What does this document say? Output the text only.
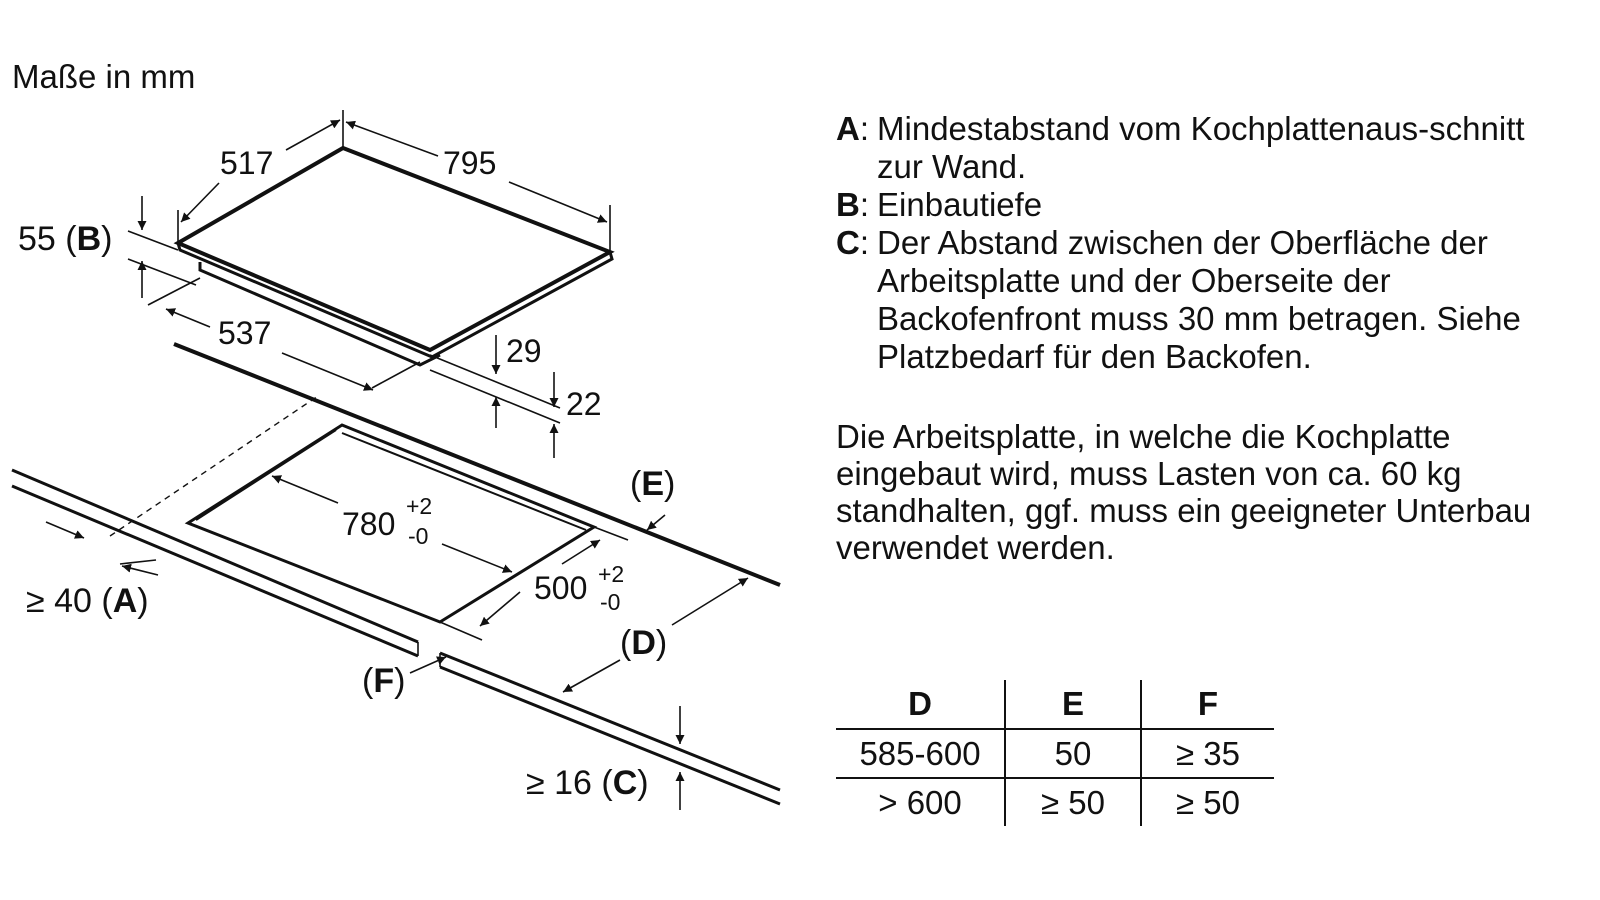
Maße in mm
517	795
55 (B)
537	29
22
780 +2
-0
500 +2
-0
(E)
(D)
(F)
≥ 40 (A)
≥ 16 (C)
A : Mindestabstand vom Kochplattenaus-schnitt zur Wand.
B : Einbautiefe
C : Der Abstand zwischen der Oberfläche der Arbeitsplatte und der Oberseite der Backofenfront muss 30 mm betragen. Siehe Platzbedarf für den Backofen.
Die Arbeitsplatte, in welche die Kochplatte eingebaut wird, muss Lasten von ca. 60 kg standhalten, ggf. muss ein geeigneter Unterbau verwendet werden.
D	E	F
585-600	50	≥ 35
> 600	≥ 50	≥ 50
